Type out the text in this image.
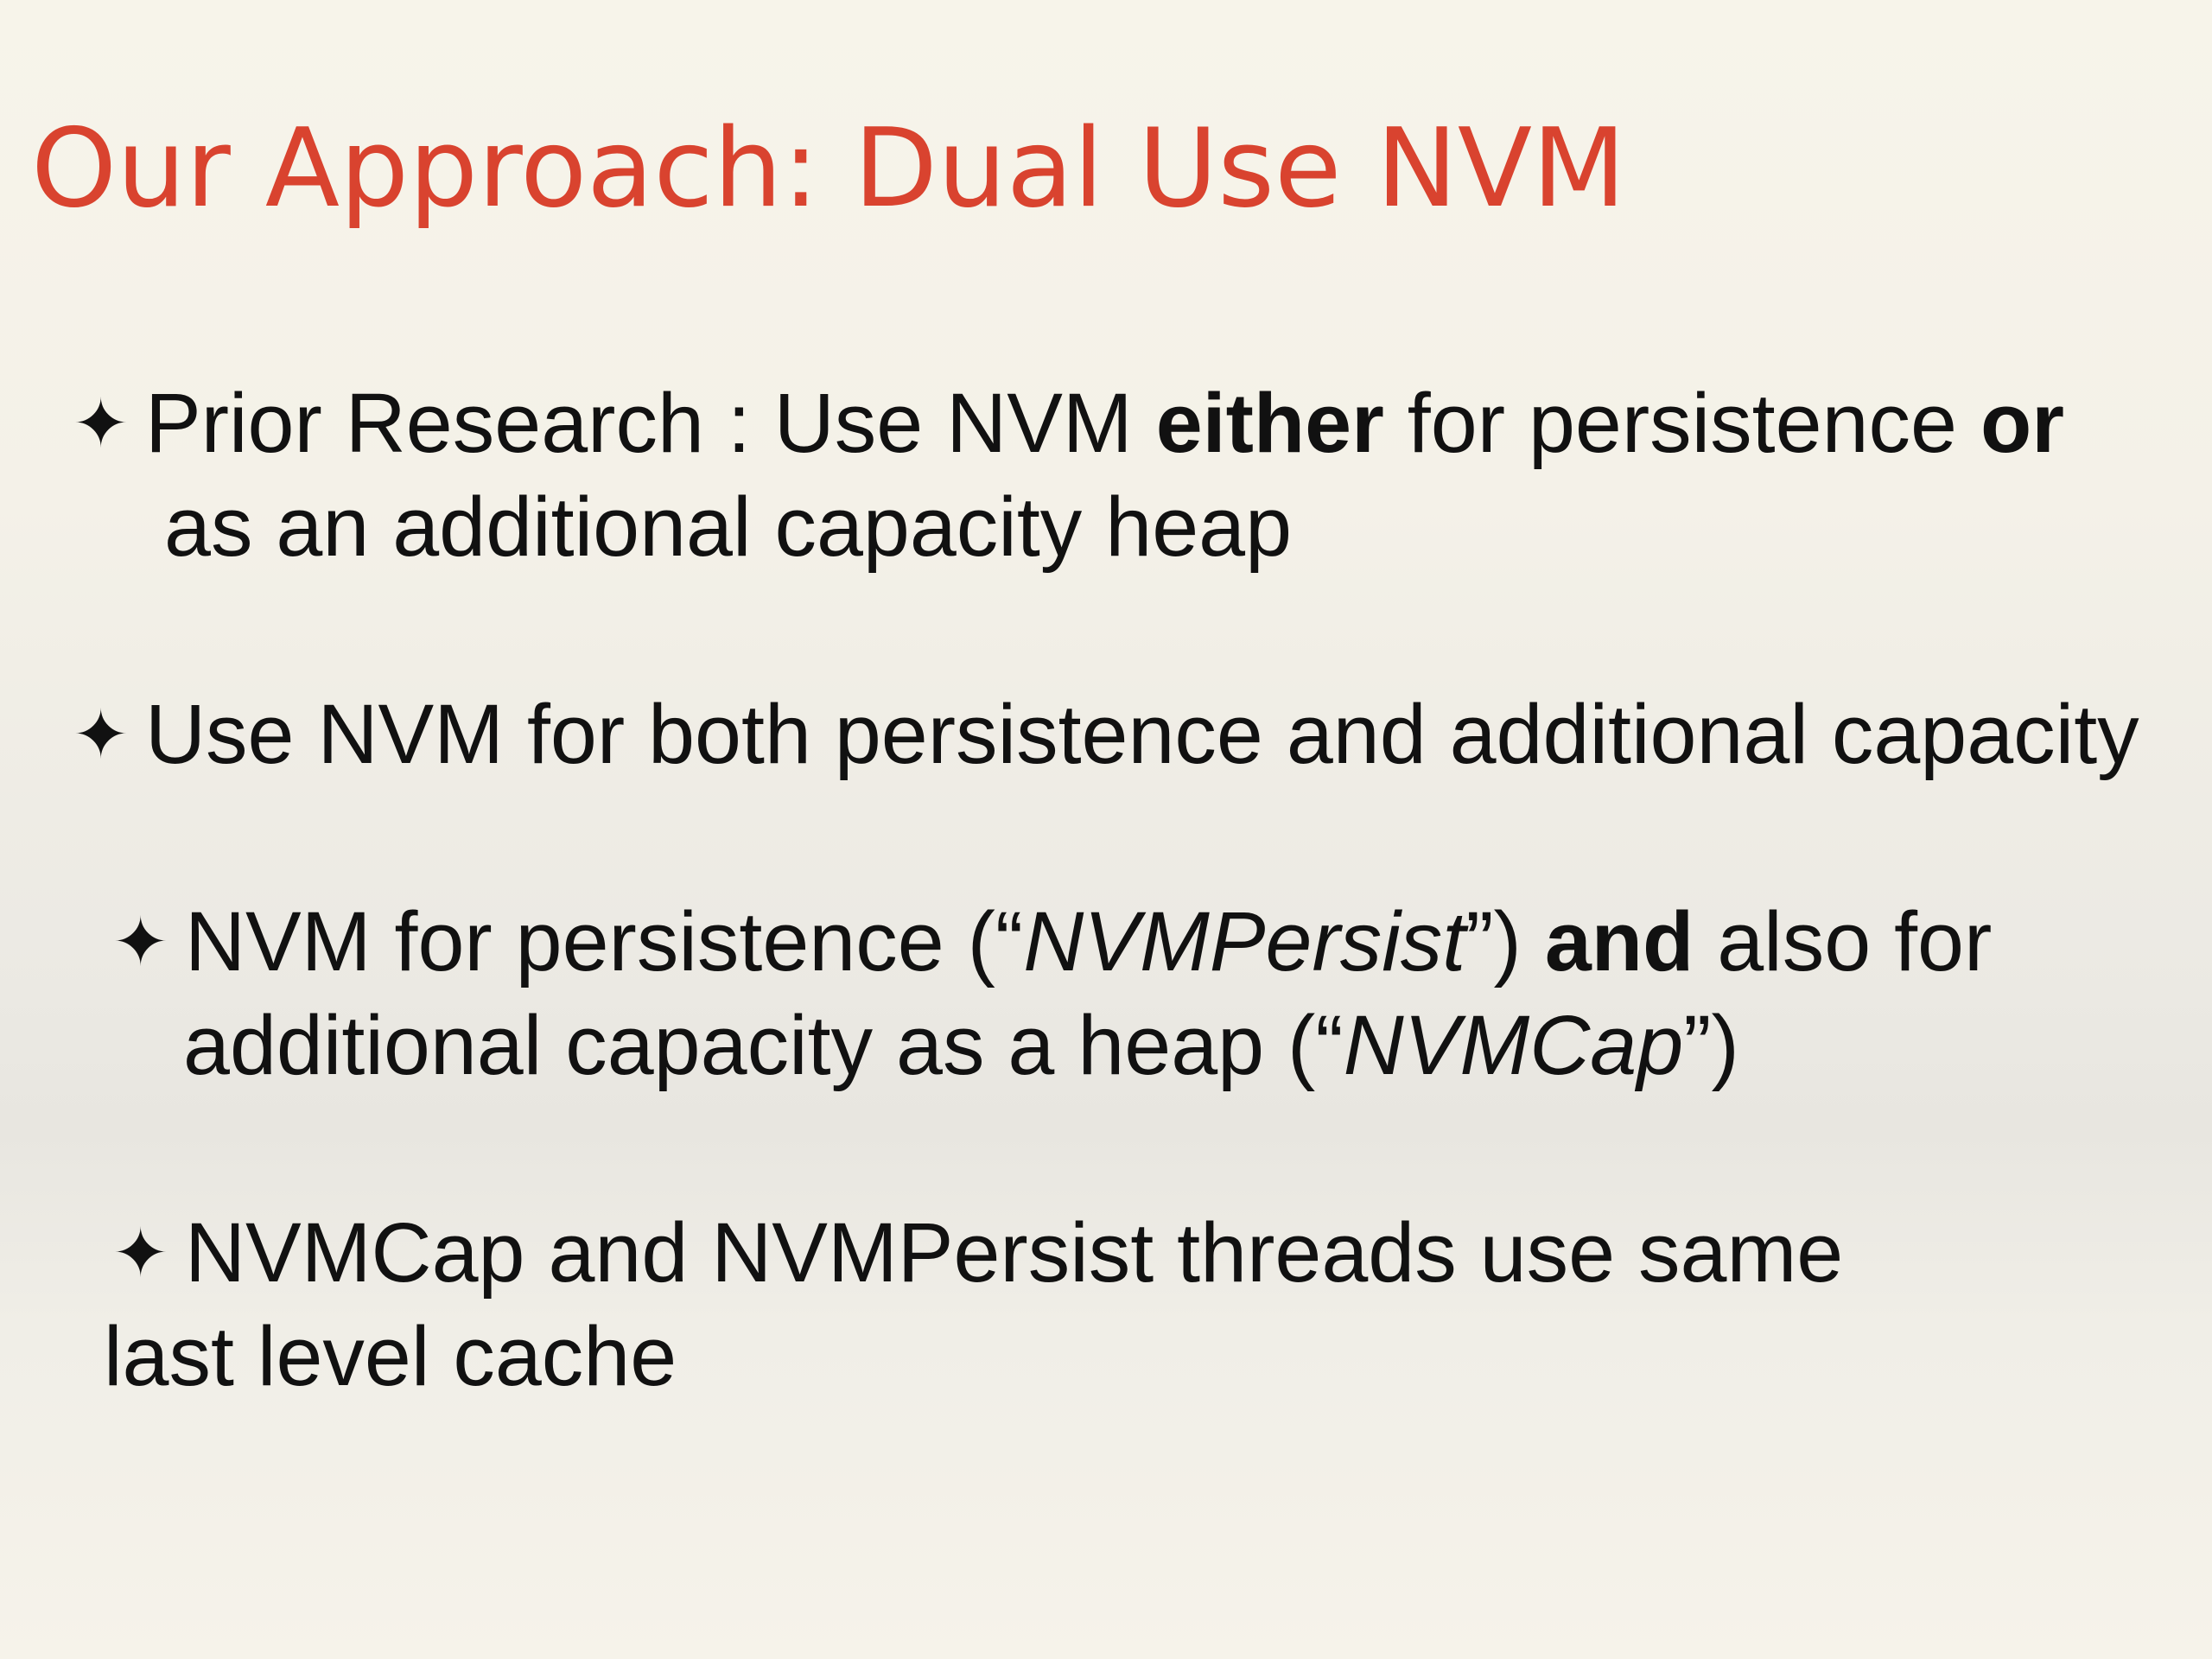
Our Approach: Dual Use NVM

✦ Prior Research : Use NVM either for persistence or
as an additional capacity heap

✦ Use NVM for both persistence and additional capacity

✦ NVM for persistence (“NVMPersist”) and also for
additional capacity as a heap (“NVMCap”)

✦ NVMCap and NVMPersist threads use same
last level cache
